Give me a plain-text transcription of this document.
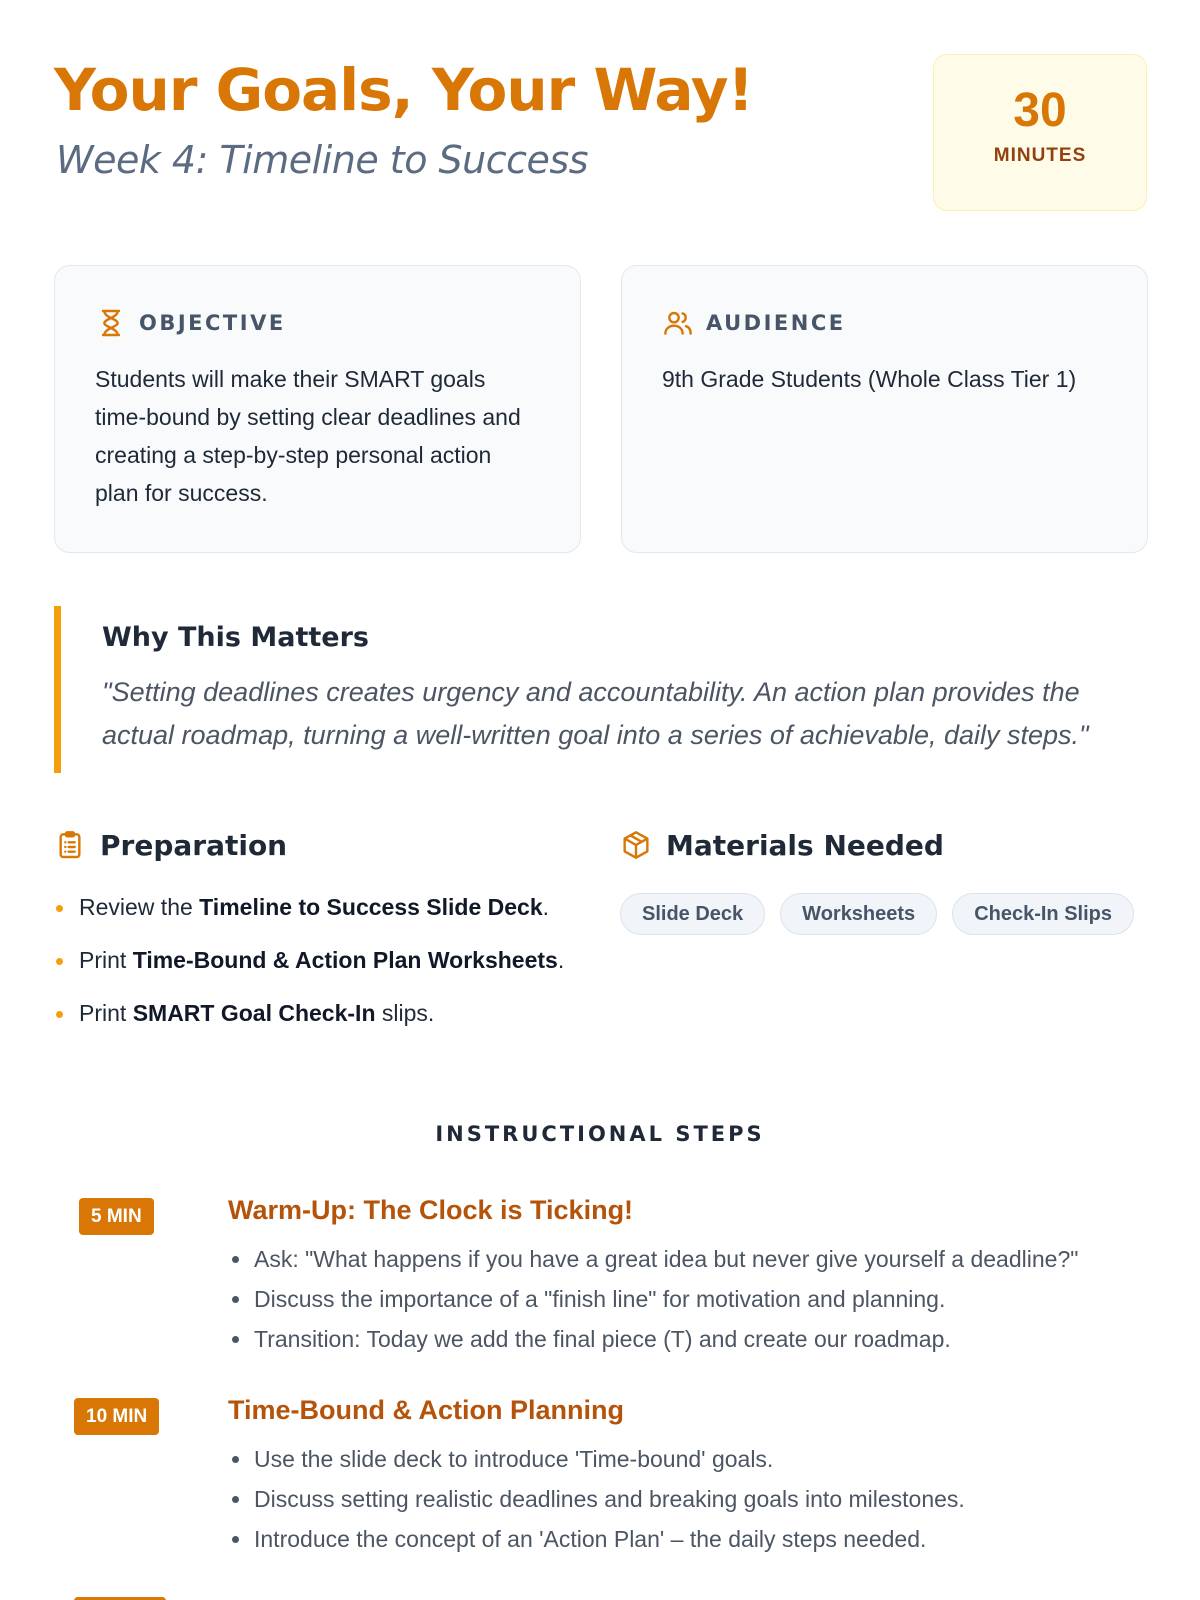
Your Goals, Your Way!
Week 4: Timeline to Success
30
MINUTES
OBJECTIVE

Students will make their SMART goals time-bound by setting clear deadlines and creating a step-by-step personal action plan for success.

AUDIENCE

9th Grade Students (Whole Class Tier 1)

Why This Matters

"Setting deadlines creates urgency and accountability. An action plan provides the
actual roadmap, turning a well-written goal into a series of achievable, daily steps."

Preparation
Review the Timeline to Success Slide Deck.
Print Time-Bound & Action Plan Worksheets.
Print SMART Goal Check-In slips.
Materials Needed
Slide Deck	Worksheets	Check-In Slips
INSTRUCTIONAL STEPS
5 MIN	Warm-Up: The Clock is Ticking!
Ask: "What happens if you have a great idea but never give yourself a deadline?"
Discuss the importance of a "finish line" for motivation and planning.
Transition: Today we add the final piece (T) and create our roadmap.
10 MIN	Time-Bound & Action Planning
Use the slide deck to introduce 'Time-bound' goals.
Discuss setting realistic deadlines and breaking goals into milestones.
Introduce the concept of an 'Action Plan' – the daily steps needed.
